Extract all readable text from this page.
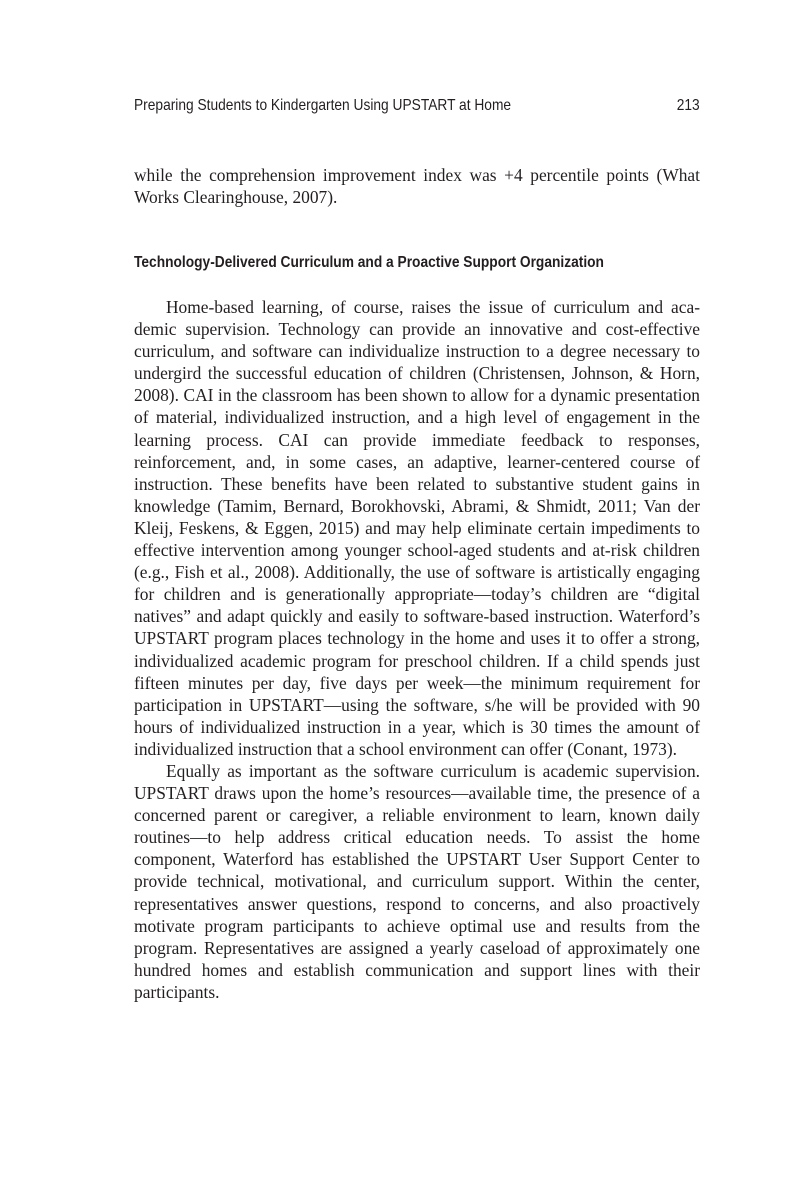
Preparing Students to Kindergarten Using UPSTART at Home	213

while the comprehension improvement index was +4 percentile points (What Works Clearinghouse, 2007).

Technology-Delivered Curriculum and a Proactive Support Organization

Home-based learning, of course, raises the issue of curriculum and academic supervision. Technology can provide an innovative and cost-effective curriculum, and software can individualize instruction to a degree necessary to undergird the successful education of children (Christensen, Johnson, & Horn, 2008). CAI in the classroom has been shown to allow for a dynamic presentation of material, individualized instruction, and a high level of engagement in the learning process. CAI can provide immediate feedback to responses, reinforcement, and, in some cases, an adaptive, learner-centered course of instruction. These benefits have been related to substantive student gains in knowledge (Tamim, Bernard, Borokhovski, Abrami, & Shmidt, 2011; Van der Kleij, Feskens, & Eggen, 2015) and may help eliminate certain impediments to effective intervention among younger school-aged students and at-risk children (e.g., Fish et al., 2008). Additionally, the use of software is artistically engaging for children and is generationally appropriate—today’s children are “digital natives” and adapt quickly and easily to software-based instruction. Waterford’s UPSTART program places technology in the home and uses it to offer a strong, individualized academic program for preschool children. If a child spends just fifteen minutes per day, five days per week—the minimum requirement for participation in UPSTART—using the software, s/he will be provided with 90 hours of individualized instruction in a year, which is 30 times the amount of individualized instruction that a school environment can offer (Conant, 1973).

Equally as important as the software curriculum is academic supervision. UPSTART draws upon the home’s resources—available time, the presence of a concerned parent or caregiver, a reliable environment to learn, known daily routines—to help address critical education needs. To assist the home component, Waterford has established the UPSTART User Support Center to provide technical, motivational, and curriculum support. Within the center, representatives answer questions, respond to concerns, and also proactively motivate program participants to achieve optimal use and results from the program. Representatives are assigned a yearly caseload of approximately one hundred homes and establish communication and support lines with their participants.
